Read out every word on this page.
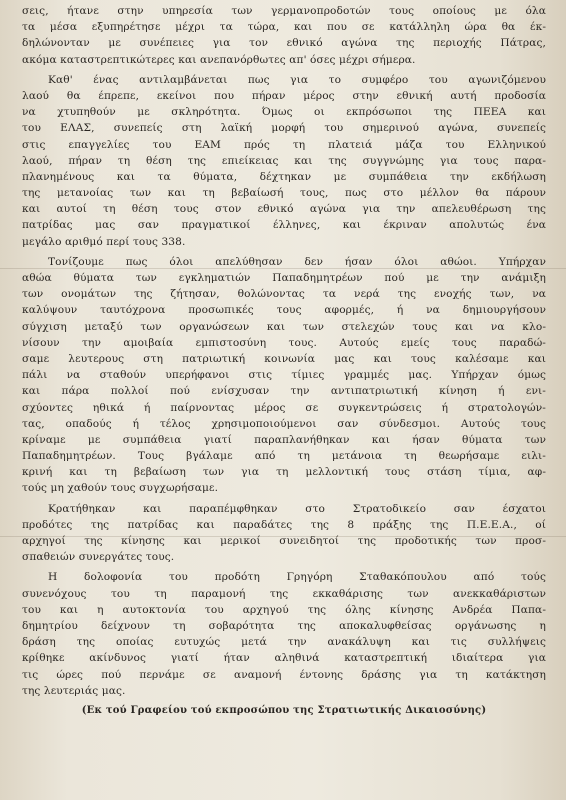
σεις, ήτανε στην υπηρεσία των γερμανοπροδοτών τους οποίους με όλα
τα μέσα εξυπηρέτησε μέχρι τα τώρα, και που σε κατάλληλη ώρα θα έκ-
δηλώνονταν με συνέπειες για τον εθνικό αγώνα της περιοχής Πάτρας,
ακόμα καταστρεπτικώτερες και ανεπανόρθωτες απ' όσες μέχρι σήμερα.
Καθ' ένας αντιλαμβάνεται πως για το συμφέρο του αγωνιζόμενου
λαού θα έπρεπε, εκείνοι που πήραν μέρος στην εθνική αυτή προδοσία
να χτυπηθούν με σκληρότητα. Όμως οι εκπρόσωποι της ΠΕΕΑ και
του ΕΛΑΣ, συνεπείς στη λαϊκή μορφή του σημερινού αγώνα, συνεπείς
στις επαγγελίες του ΕΑΜ πρός τη πλατειά μάζα του Ελληνικού
λαού, πήραν τη θέση της επιείκειας και της συγγνώμης για τους παρα-
πλανημένους και τα θύματα, δέχτηκαν με συμπάθεια την εκδήλωση
της μετανοίας των και τη βεβαίωσή τους, πως στο μέλλον θα πάρουν
και αυτοί τη θέση τους στον εθνικό αγώνα για την απελευθέρωση της
πατρίδας μας σαν πραγματικοί έλληνες, και έκριναν απολυτώς ένα
μεγάλο αριθμό περί τους 338.
Τονίζουμε πως όλοι απελύθησαν δεν ήσαν όλοι αθώοι. Υπήρχαν
αθώα θύματα των εγκληματιών Παπαδημητρέων πού με την ανάμιξη
των ονομάτων της ζήτησαν, θολώνοντας τα νερά της ενοχής των, να
καλύψουν ταυτόχρονα προσωπικές τους αφορμές, ή να δημιουργήσουν
σύγχιση μεταξύ των οργανώσεων και των στελεχών τους και να κλο-
νίσουν την αμοιβαία εμπιστοσύνη τους. Αυτούς εμείς τους παραδώ-
σαμε λευτερους στη πατριωτική κοινωνία μας και τους καλέσαμε και
πάλι να σταθούν υπερήφανοι στις τίμιες γραμμές μας. Υπήρχαν όμως
και πάρα πολλοί πού ενίσχυσαν την αντιπατριωτική κίνηση ή ενι-
σχύοντες ηθικά ή παίρνοντας μέρος σε συγκεντρώσεις ή στρατολογών-
τας, οπαδούς ή τέλος χρησιμοποιούμενοι σαν σύνδεσμοι. Αυτούς τους
κρίναμε με συμπάθεια γιατί παραπλανήθηκαν και ήσαν θύματα των
Παπαδημητρέων. Τους βγάλαμε από τη μετάνοια τη θεωρήσαμε ειλι-
κρινή και τη βεβαίωση των για τη μελλοντική τους στάση τίμια, αφ-
τούς μη χαθούν τους συγχωρήσαμε.
Κρατήθηκαν και παραπέμφθηκαν στο Στρατοδικείο σαν έσχατοι
προδότες της πατρίδας και παραδάτες της 8 πράξης της Π.Ε.Ε.Α., οί
αρχηγοί της κίνησης και μερικοί συνειδητοί της προδοτικής των προσ-
σπαθειών συνεργάτες τους.
Η δολοφονία του προδότη Γρηγόρη Σταθακόπουλου από τούς
συνενόχους του τη παραμονή της εκκαθάρισης των ανεκκαθάριστων
του και η αυτοκτονία του αρχηγού της όλης κίνησης Ανδρέα Παπα-
δημητρίου δείχνουν τη σοβαρότητα της αποκαλυφθείσας οργάνωσης η
δράση της οποίας ευτυχώς μετά την ανακάλυψη και τις συλλήψεις
κρίθηκε ακίνδυνος γιατί ήταν αληθινά καταστρεπτική ιδιαίτερα για
τις ώρες πού περνάμε σε αναμονή έντονης δράσης για τη κατάκτηση
της λευτεριάς μας.
(Εκ τού Γραφείου τού εκπροσώπου της Στρατιωτικής Δικαιοσύνης)
